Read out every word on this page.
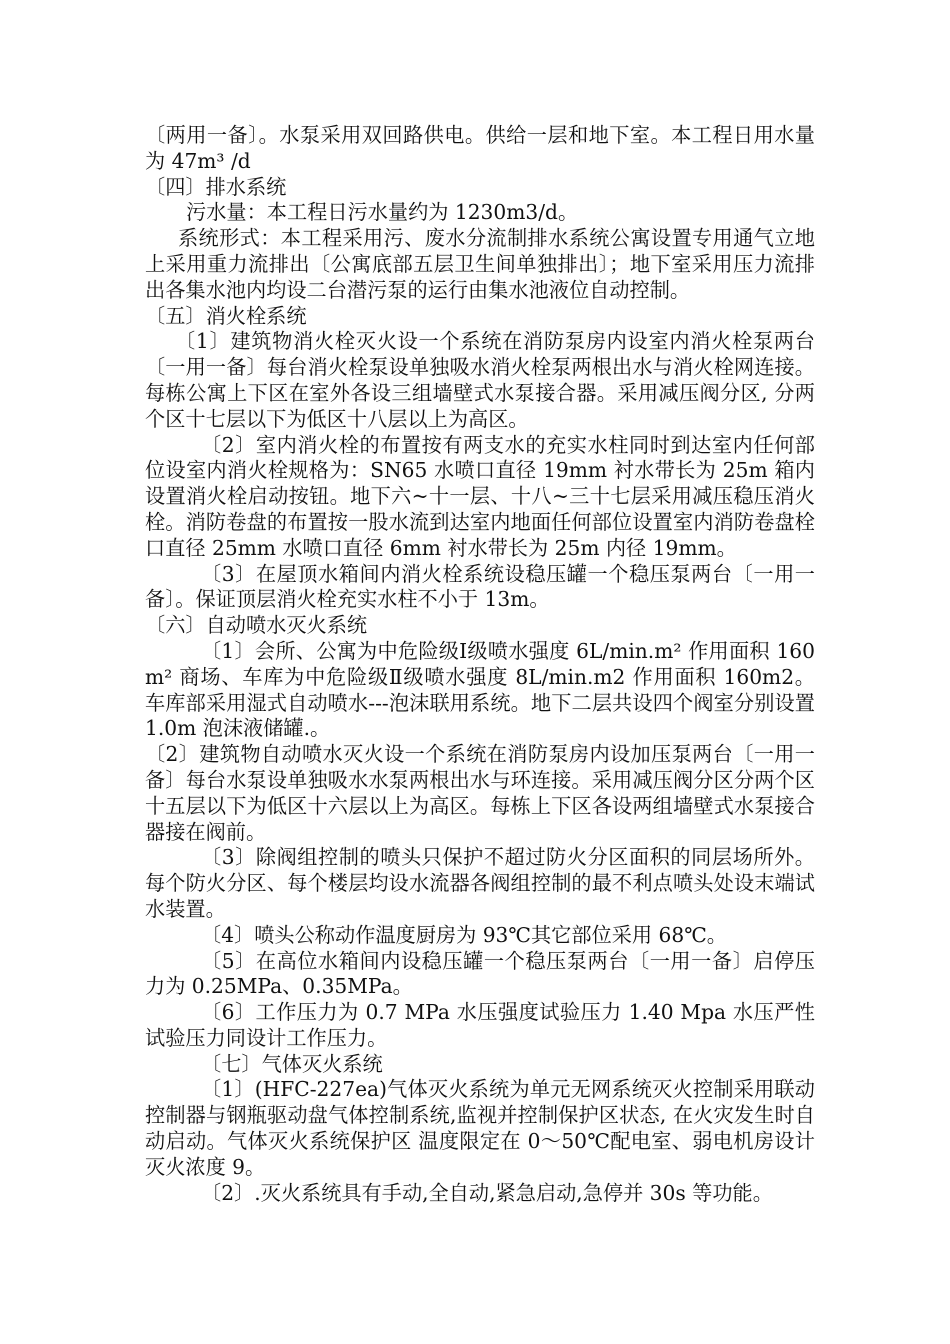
〔两用一备〕。水泵采用双回路供电。供给一层和地下室。本工程日用水量为 47m³ /d

〔四〕排水系统

污水量：本工程日污水量约为 1230m3/d。

系统形式：本工程采用污、废水分流制排水系统公寓设置专用通气立地上采用重力流排出〔公寓底部五层卫生间单独排出〕；地下室采用压力流排出各集水池内均设二台潜污泵的运行由集水池液位自动控制。

〔五〕消火栓系统

〔1〕建筑物消火栓灭火设一个系统在消防泵房内设室内消火栓泵两台〔一用一备〕每台消火栓泵设单独吸水消火栓泵两根出水与消火栓网连接。每栋公寓上下区在室外各设三组墙壁式水泵接合器。采用减压阀分区, 分两个区十七层以下为低区十八层以上为高区。

〔2〕室内消火栓的布置按有两支水的充实水柱同时到达室内任何部位设室内消火栓规格为：SN65 水喷口直径 19mm 衬水带长为 25m 箱内设置消火栓启动按钮。地下六~十一层、十八~三十七层采用减压稳压消火栓。消防卷盘的布置按一股水流到达室内地面任何部位设置室内消防卷盘栓口直径 25mm 水喷口直径 6mm 衬水带长为 25m 内径 19mm。

〔3〕在屋顶水箱间内消火栓系统设稳压罐一个稳压泵两台〔一用一备〕。保证顶层消火栓充实水柱不小于 13m。

〔六〕自动喷水灭火系统

〔1〕会所、公寓为中危险级Ⅰ级喷水强度 6L/min.m² 作用面积 160m² 商场、车库为中危险级Ⅱ级喷水强度 8L/min.m2 作用面积 160m2。车库部采用湿式自动喷水---泡沫联用系统。地下二层共设四个阀室分别设置 1.0m 泡沫液储罐.。

〔2〕建筑物自动喷水灭火设一个系统在消防泵房内设加压泵两台〔一用一备〕每台水泵设单独吸水水泵两根出水与环连接。采用减压阀分区分两个区十五层以下为低区十六层以上为高区。每栋上下区各设两组墙壁式水泵接合器接在阀前。

〔3〕除阀组控制的喷头只保护不超过防火分区面积的同层场所外。每个防火分区、每个楼层均设水流器各阀组控制的最不利点喷头处设末端试水装置。

〔4〕喷头公称动作温度厨房为 93℃其它部位采用 68℃。

〔5〕在高位水箱间内设稳压罐一个稳压泵两台〔一用一备〕启停压力为 0.25MPa、0.35MPa。

〔6〕工作压力为 0.7 MPa 水压强度试验压力 1.40 Mpa 水压严性试验压力同设计工作压力。

〔七〕气体灭火系统

〔1〕(HFC-227ea)气体灭火系统为单元无网系统灭火控制采用联动控制器与钢瓶驱动盘气体控制系统,监视并控制保护区状态, 在火灾发生时自动启动。气体灭火系统保护区 温度限定在 0～50℃配电室、弱电机房设计灭火浓度 9。

〔2〕.灭火系统具有手动,全自动,紧急启动,急停并 30s 等功能。
